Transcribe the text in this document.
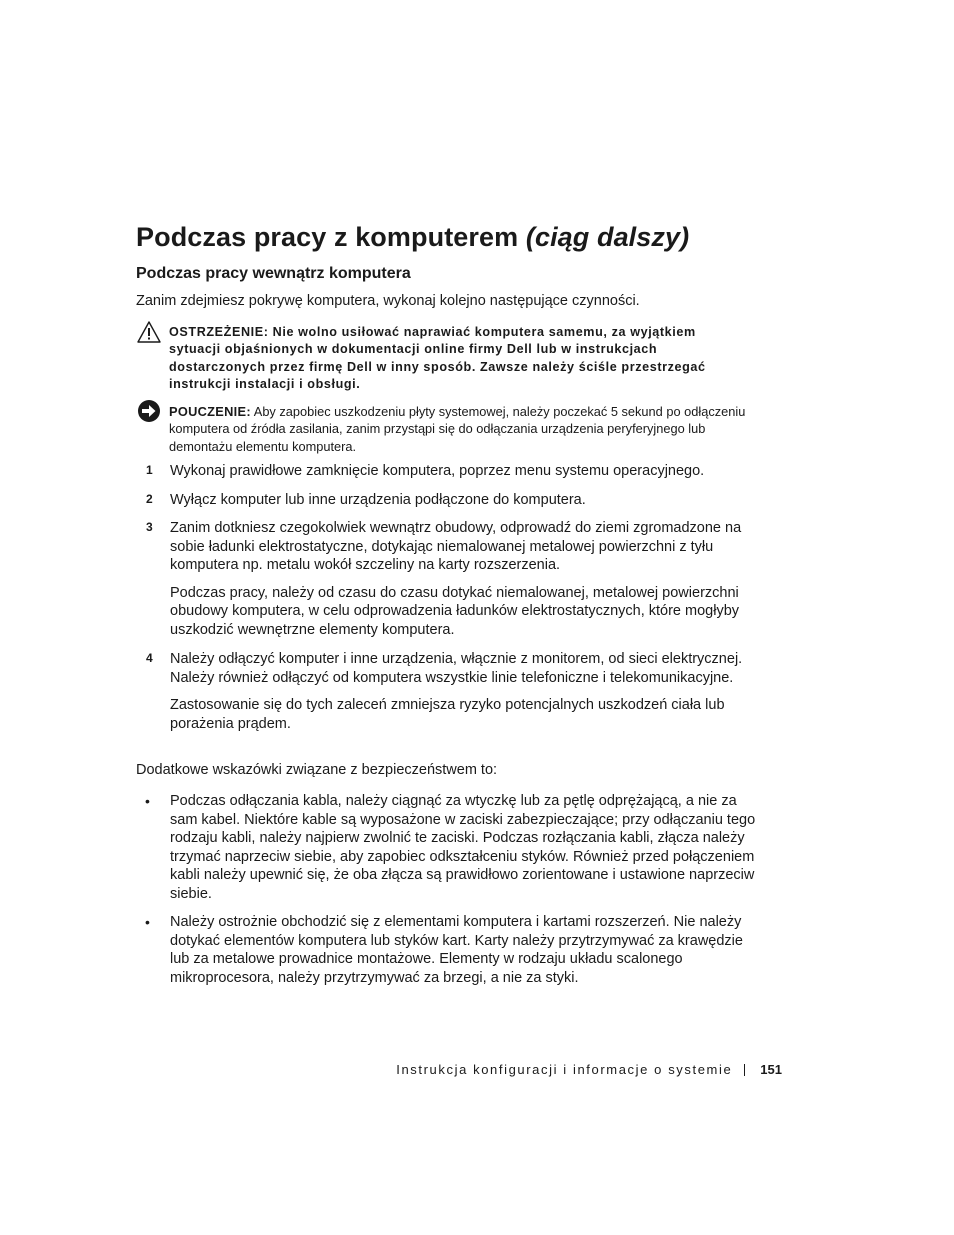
Podczas pracy z komputerem (ciąg dalszy)
Podczas pracy wewnątrz komputera

Zanim zdejmiesz pokrywę komputera, wykonaj kolejno następujące czynności.

OSTRZEŻENIE: Nie wolno usiłować naprawiać komputera samemu, za wyjątkiem sytuacji objaśnionych w dokumentacji online firmy Dell lub w instrukcjach dostarczonych przez firmę Dell w inny sposób. Zawsze należy ściśle przestrzegać instrukcji instalacji i obsługi.

POUCZENIE: Aby zapobiec uszkodzeniu płyty systemowej, należy poczekać 5 sekund po odłączeniu komputera od źródła zasilania, zanim przystąpi się do odłączania urządzenia peryferyjnego lub demontażu elementu komputera.

1	Wykonaj prawidłowe zamknięcie komputera, poprzez menu systemu operacyjnego.

2	Wyłącz komputer lub inne urządzenia podłączone do komputera.

3	Zanim dotkniesz czegokolwiek wewnątrz obudowy, odprowadź do ziemi zgromadzone na sobie ładunki elektrostatyczne, dotykając niemalowanej metalowej powierzchni z tyłu komputera np. metalu wokół szczeliny na karty rozszerzenia.

Podczas pracy, należy od czasu do czasu dotykać niemalowanej, metalowej powierzchni obudowy komputera, w celu odprowadzenia ładunków elektrostatycznych, które mogłyby uszkodzić wewnętrzne elementy komputera.

4	Należy odłączyć komputer i inne urządzenia, włącznie z monitorem, od sieci elektrycznej. Należy również odłączyć od komputera wszystkie linie telefoniczne i telekomunikacyjne.

Zastosowanie się do tych zaleceń zmniejsza ryzyko potencjalnych uszkodzeń ciała lub porażenia prądem.

Dodatkowe wskazówki związane z bezpieczeństwem to:

•	Podczas odłączania kabla, należy ciągnąć za wtyczkę lub za pętlę odprężającą, a nie za sam kabel. Niektóre kable są wyposażone w zaciski zabezpieczające; przy odłączaniu tego rodzaju kabli, należy najpierw zwolnić te zaciski. Podczas rozłączania kabli, złącza należy trzymać naprzeciw siebie, aby zapobiec odkształceniu styków. Również przed połączeniem kabli należy upewnić się, że oba złącza są prawidłowo zorientowane i ustawione naprzeciw siebie.

•	Należy ostrożnie obchodzić się z elementami komputera i kartami rozszerzeń. Nie należy dotykać elementów komputera lub styków kart. Karty należy przytrzymywać za krawędzie lub za metalowe prowadnice montażowe. Elementy w rodzaju układu scalonego mikroprocesora, należy przytrzymywać za brzegi, a nie za styki.

Instrukcja konfiguracji i informacje o systemie 151
